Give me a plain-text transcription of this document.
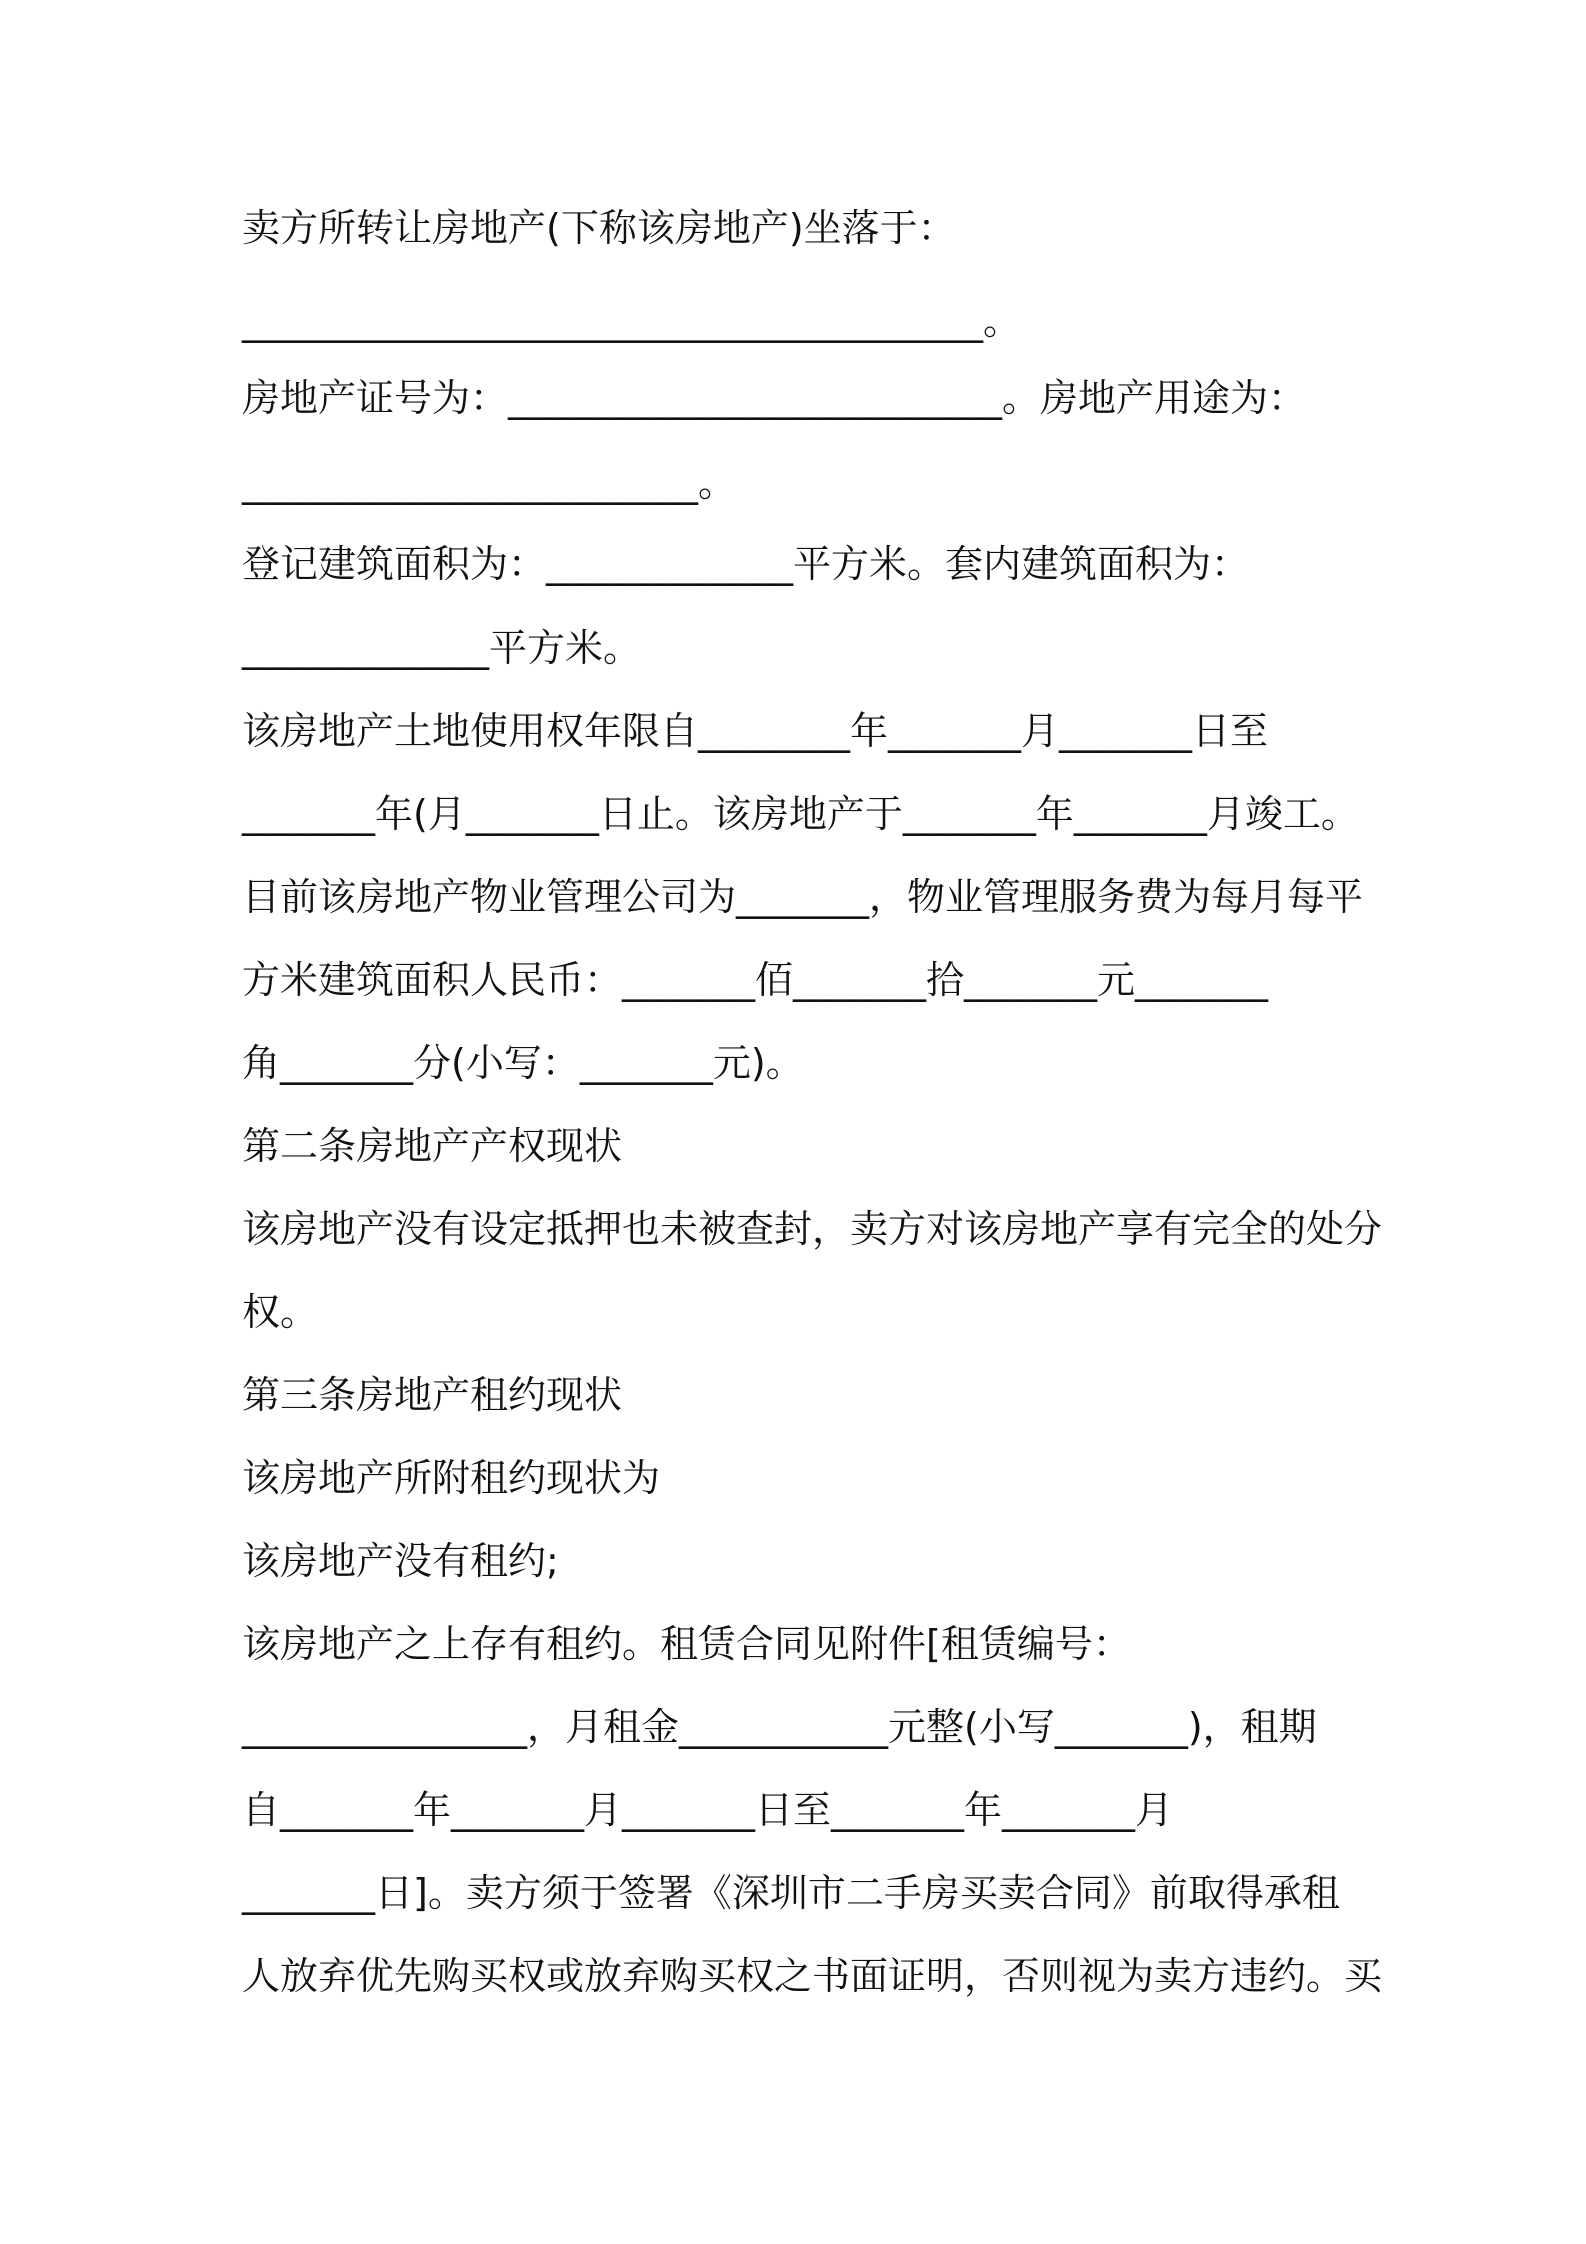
卖方所转让房地产(下称该房地产)坐落于：
_______________________________________。
房地产证号为：__________________________。房地产用途为：
________________________。
登记建筑面积为：_____________平方米。套内建筑面积为：
_____________平方米。
该房地产土地使用权年限自________年_______月_______日至
_______年(月_______日止。该房地产于_______年_______月竣工。
目前该房地产物业管理公司为_______，物业管理服务费为每月每平
方米建筑面积人民币：_______佰_______拾_______元_______
角_______分(小写：_______元)。
第二条房地产产权现状
该房地产没有设定抵押也未被查封，卖方对该房地产享有完全的处分
权。
第三条房地产租约现状
该房地产所附租约现状为
该房地产没有租约;
该房地产之上存有租约。租赁合同见附件[租赁编号：
_______________，月租金___________元整(小写_______)，租期
自_______年_______月_______日至_______年_______月
_______日]。卖方须于签署《深圳市二手房买卖合同》前取得承租
人放弃优先购买权或放弃购买权之书面证明，否则视为卖方违约。买
